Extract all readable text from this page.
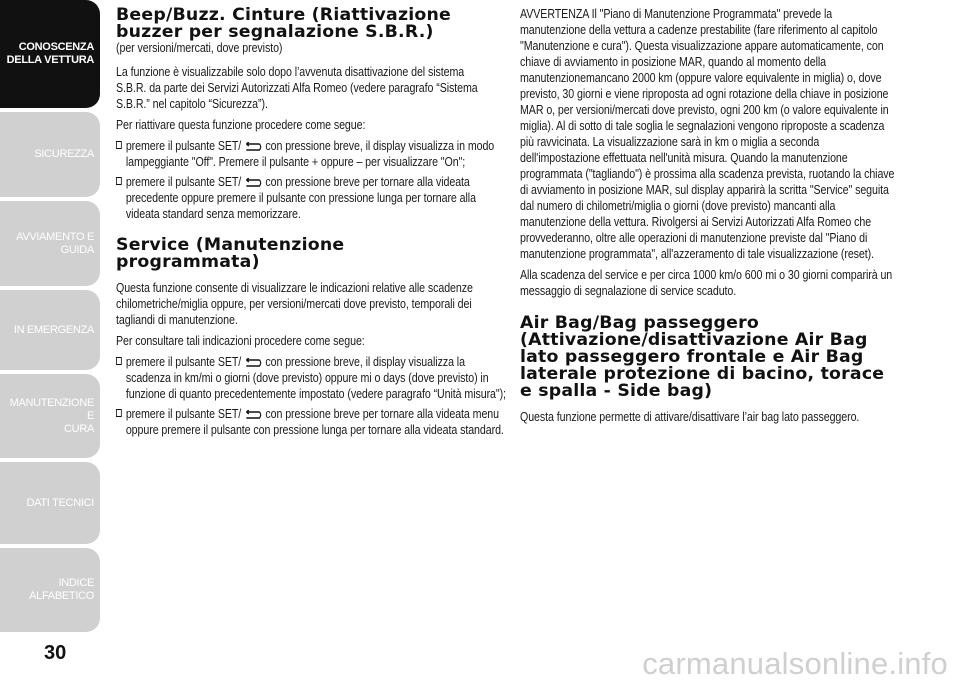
CONOSCENZA
DELLA VETTURA
SICUREZZA
AVVIAMENTO E
GUIDA
IN EMERGENZA
MANUTENZIONE E
CURA
DATI TECNICI
INDICE ALFABETICO
30
Beep/Buzz. Cinture (Riattivazione
buzzer per segnalazione S.B.R.)

(per versioni/mercati, dove previsto)

La funzione è visualizzabile solo dopo l’avvenuta disattivazione del sistema S.B.R. da parte dei Servizi Autorizzati Alfa Romeo (vedere paragrafo “Sistema S.B.R.” nel capitolo “Sicurezza”).

Per riattivare questa funzione procedere come segue:

premere il pulsante SET/ con pressione breve, il display visualizza in modo lampeggiante "Off". Premere il pulsante + oppure – per visualizzare "On";
premere il pulsante SET/ con pressione breve per tornare alla videata precedente oppure premere il pulsante con pressione lunga per tornare alla videata standard senza memorizzare.
Service (Manutenzione
programmata)

Questa funzione consente di visualizzare le indicazioni relative alle scadenze chilometriche/miglia oppure, per versioni/mercati dove previsto, temporali dei tagliandi di manutenzione.

Per consultare tali indicazioni procedere come segue:

premere il pulsante SET/ con pressione breve, il display visualizza la scadenza in km/mi o giorni (dove previsto) oppure mi o days (dove previsto) in funzione di quanto precedentemente impostato (vedere paragrafo “Unità misura");
premere il pulsante SET/ con pressione breve per tornare alla videata menu oppure premere il pulsante con pressione lunga per tornare alla videata standard.

AVVERTENZA Il "Piano di Manutenzione Programmata" prevede la manutenzione della vettura a cadenze prestabilite (fare riferimento al capitolo "Manutenzione e cura"). Questa visualizzazione appare automaticamente, con chiave di avviamento in posizione MAR, quando al momento della manutenzionemancano 2000 km (oppure valore equivalente in miglia) o, dove previsto, 30 giorni e viene riproposta ad ogni rotazione della chiave in posizione MAR o, per versioni/mercati dove previsto, ogni 200 km (o valore equivalente in miglia). Al di sotto di tale soglia le segnalazioni vengono riproposte a scadenza più ravvicinata. La visualizzazione sarà in km o miglia a seconda dell'impostazione effettuata nell'unità misura. Quando la manutenzione programmata ("tagliando") è prossima alla scadenza prevista, ruotando la chiave di avviamento in posizione MAR, sul display apparirà la scritta "Service" seguita dal numero di chilometri/miglia o giorni (dove previsto) mancanti alla manutenzione della vettura. Rivolgersi ai Servizi Autorizzati Alfa Romeo che provvederanno, oltre alle operazioni di manutenzione previste dal "Piano di manutenzione programmata", all'azzeramento di tale visualizzazione (reset).

Alla scadenza del service e per circa 1000 km/o 600 mi o 30 giorni comparirà un messaggio di segnalazione di service scaduto.

Air Bag/Bag passeggero
(Attivazione/disattivazione Air Bag
lato passeggero frontale e Air Bag
laterale protezione di bacino, torace
e spalla - Side bag)

Questa funzione permette di attivare/disattivare l’air bag lato passeggero.

carmanualsonline.info
